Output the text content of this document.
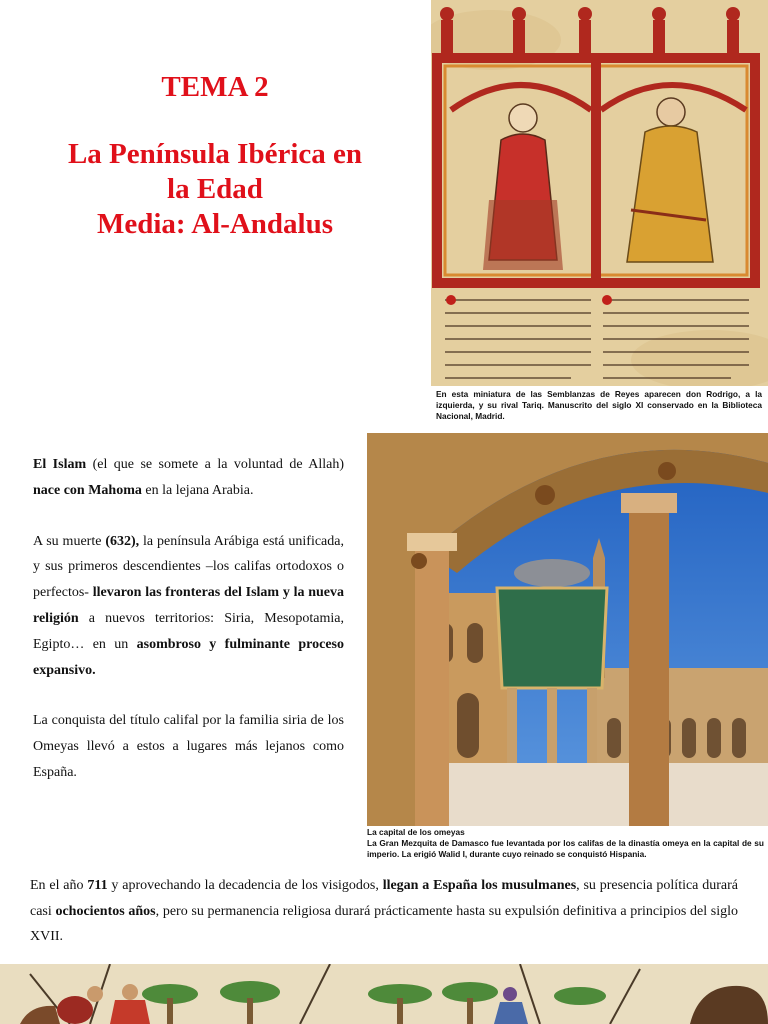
TEMA 2
La Península Ibérica en
la Edad
Media: Al-Andalus
En esta miniatura de las Semblanzas de Reyes aparecen don Rodrigo, a la izquierda, y su rival Tariq. Manuscrito del siglo XI conservado en la Biblioteca Nacional, Madrid.

El Islam (el que se somete a la voluntad de Allah) nace con Mahoma en la lejana Arabia.

A su muerte (632), la península Arábiga está unificada, y sus primeros descendientes –los califas ortodoxos o perfectos- llevaron las fronteras del Islam y la nueva religión a nuevos territorios: Siria, Mesopotamia, Egipto… en un asombroso y fulminante proceso expansivo.

La conquista del título califal por la familia siria de los Omeyas llevó a estos a lugares más lejanos como España.

La capital de los omeyas
La Gran Mezquita de Damasco fue levantada por los califas de la dinastía omeya en la capital de su imperio. La erigió Walid I, durante cuyo reinado se conquistó Hispania.
En el año 711 y aprovechando la decadencia de los visigodos, llegan a España los musulmanes, su presencia política durará casi ochocientos años, pero su permanencia religiosa durará prácticamente hasta su expulsión definitiva a principios del siglo XVII.
